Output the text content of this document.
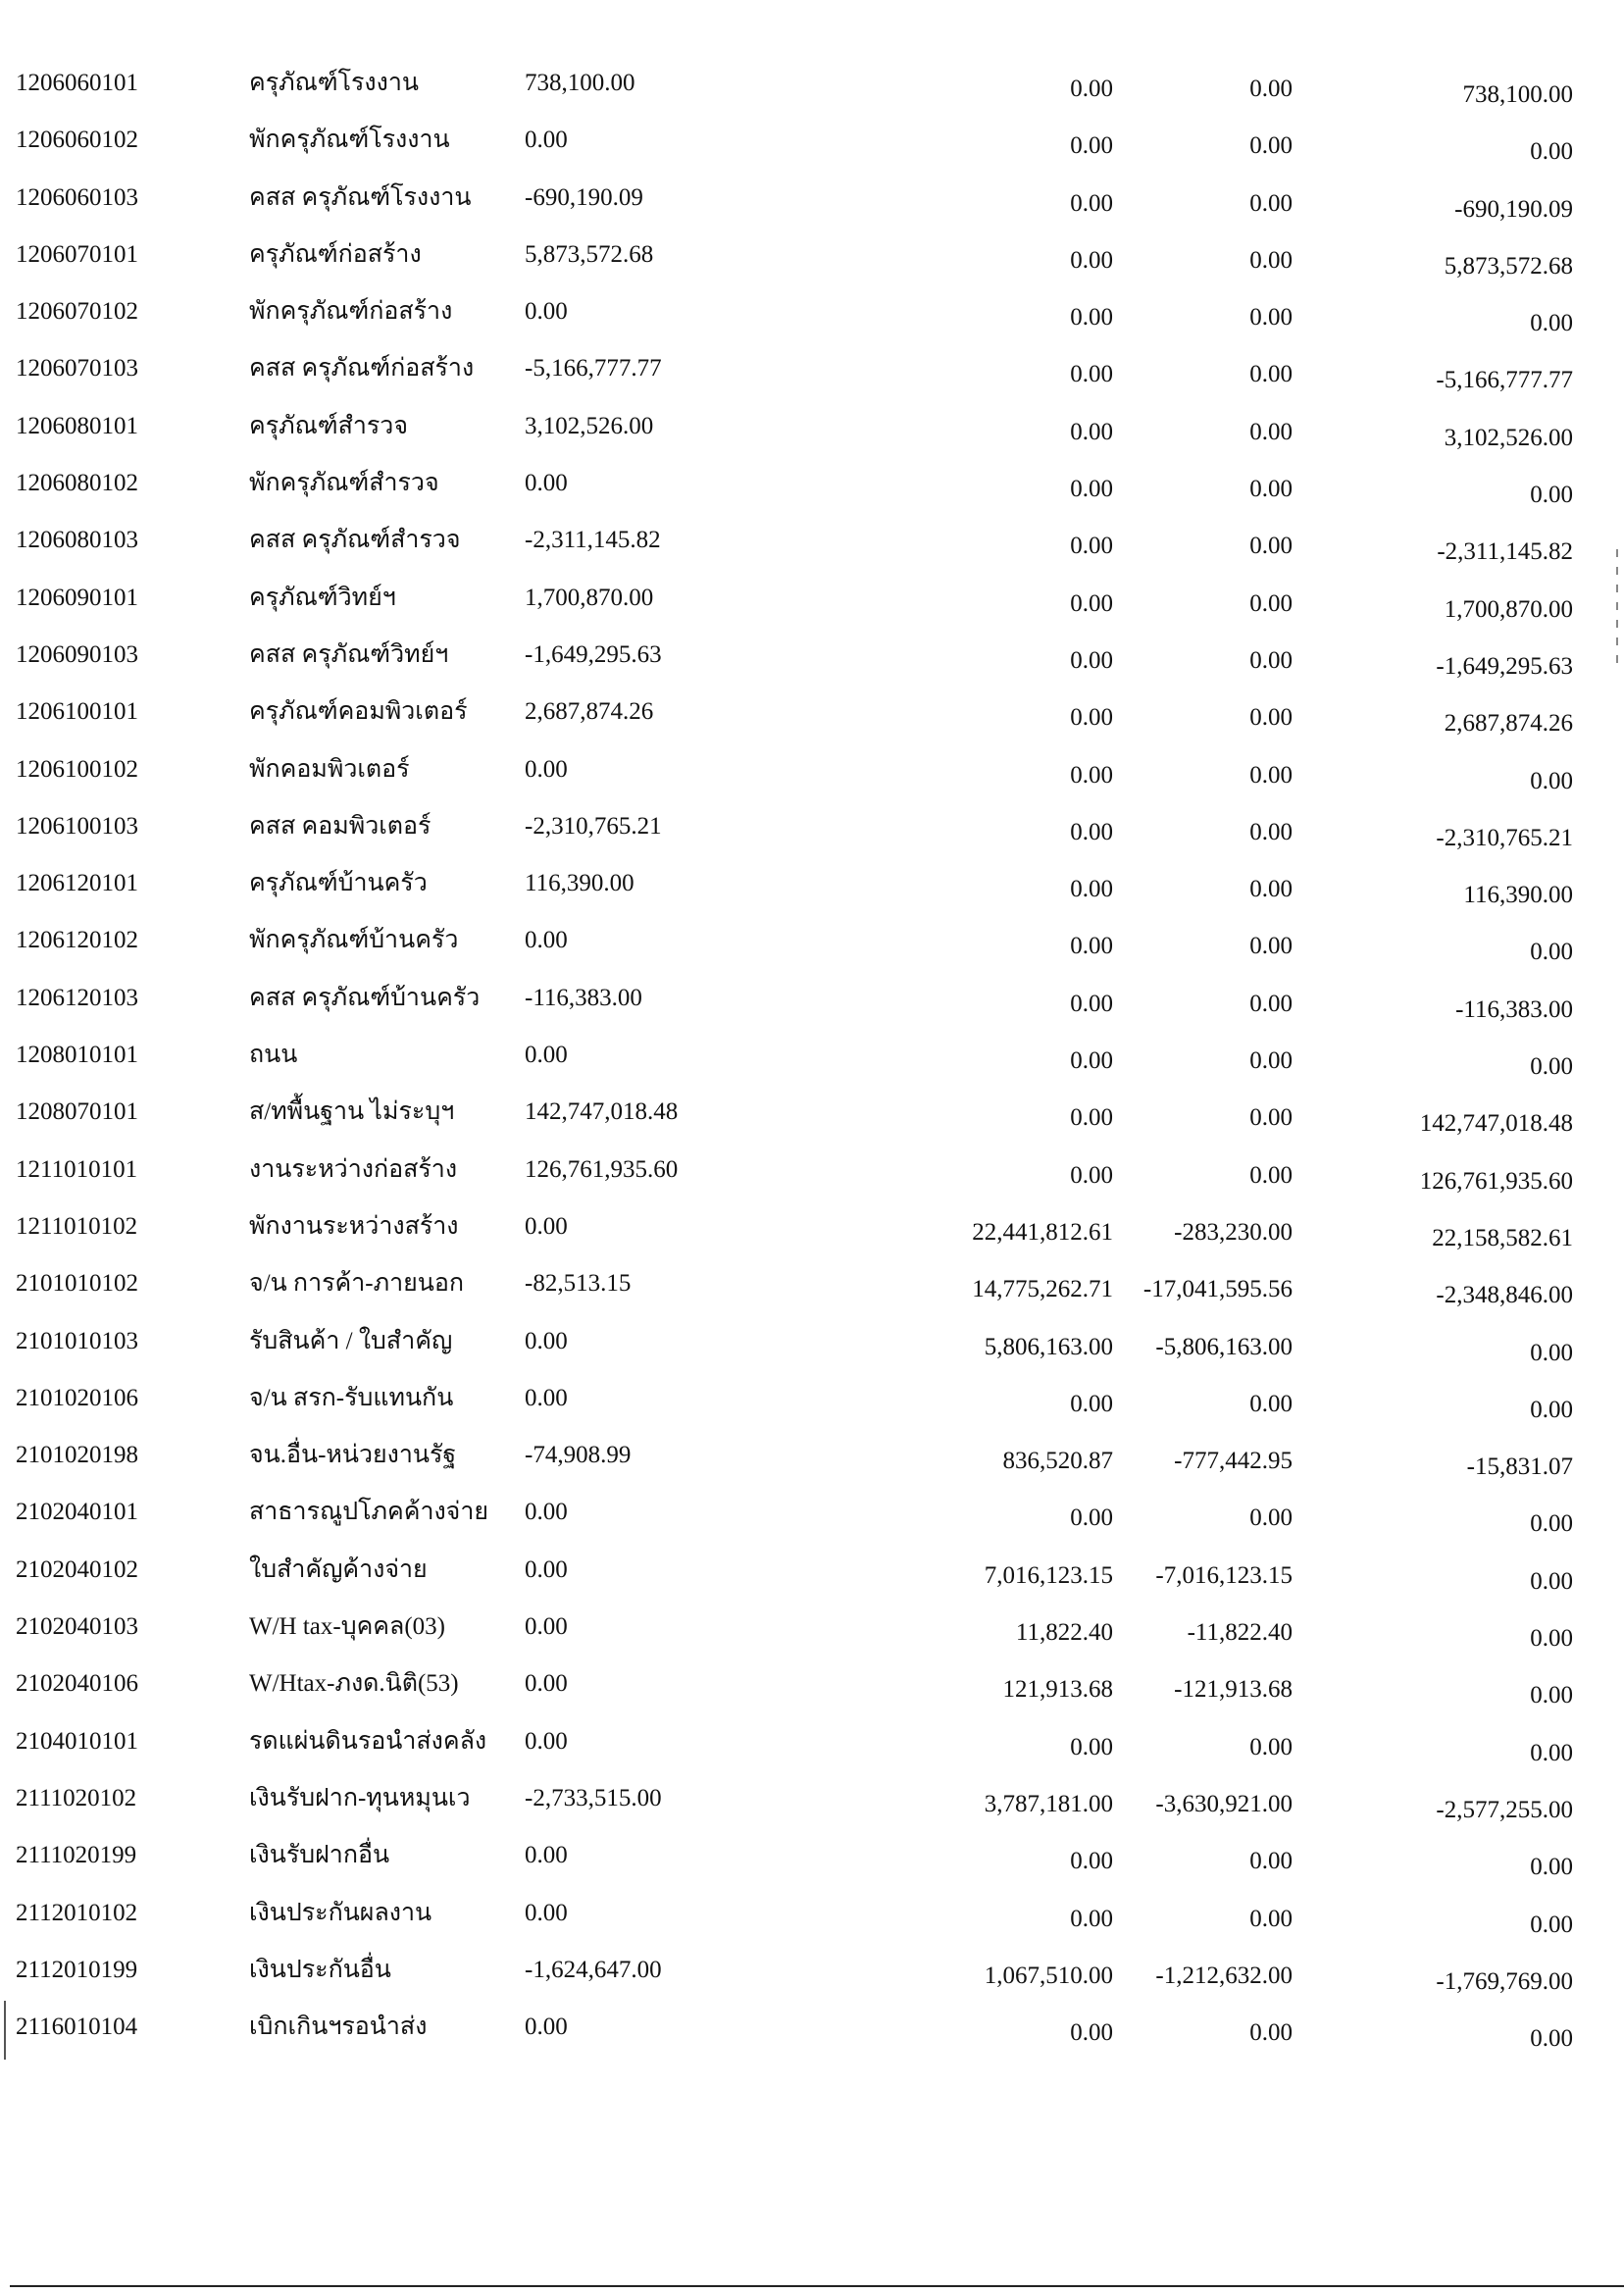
1206060101	ครุภัณฑ์โรงงาน	738,100.00	0.00	0.00	738,100.00
1206060102	พักครุภัณฑ์โรงงาน	0.00	0.00	0.00	0.00
1206060103	คสส ครุภัณฑ์โรงงาน -690,190.09	0.00	0.00	-690,190.09
1206070101	ครุภัณฑ์ก่อสร้าง	5,873,572.68	0.00	0.00	5,873,572.68
1206070102	พักครุภัณฑ์ก่อสร้าง	0.00	0.00	0.00	0.00
1206070103	คสส ครุภัณฑ์ก่อสร้าง -5,166,777.77	0.00	0.00	-5,166,777.77
1206080101	ครุภัณฑ์สำรวจ	3,102,526.00	0.00	0.00	3,102,526.00
1206080102	พักครุภัณฑ์สำรวจ	0.00	0.00	0.00	0.00
1206080103	คสส ครุภัณฑ์สำรวจ	-2,311,145.82	0.00	0.00	-2,311,145.82
1206090101	ครุภัณฑ์วิทย์ฯ	1,700,870.00	0.00	0.00	1,700,870.00
1206090103	คสส ครุภัณฑ์วิทย์ฯ	-1,649,295.63	0.00	0.00	-1,649,295.63
1206100101	ครุภัณฑ์คอมพิวเตอร์ 2,687,874.26	0.00	0.00	2,687,874.26
1206100102	พักคอมพิวเตอร์	0.00	0.00	0.00	0.00
1206100103	คสส คอมพิวเตอร์	-2,310,765.21	0.00	0.00	-2,310,765.21
1206120101	ครุภัณฑ์บ้านครัว	116,390.00	0.00	0.00	116,390.00
1206120102	พักครุภัณฑ์บ้านครัว	0.00	0.00	0.00	0.00
1206120103	คสส ครุภัณฑ์บ้านครัว -116,383.00	0.00	0.00	-116,383.00
1208010101	ถนน	0.00	0.00	0.00	0.00
1208070101	ส/ทพื้นฐาน ไม่ระบุฯ	142,747,018.48	0.00	0.00	142,747,018.48
1211010101	งานระหว่างก่อสร้าง	126,761,935.60	0.00	0.00	126,761,935.60
1211010102	พักงานระหว่างสร้าง	0.00	22,441,812.61 -283,230.00	22,158,582.61
2101010102	จ/น การค้า-ภายนอก -82,513.15	14,775,262.71 -17,041,595.56	-2,348,846.00
2101010103	รับสินค้า / ใบสำคัญ	0.00	5,806,163.00 -5,806,163.00	0.00
2101020106	จ/น สรก-รับแทนกัน	0.00	0.00	0.00	0.00
2101020198	จน.อื่น-หน่วยงานรัฐ	-74,908.99	836,520.87 -777,442.95	-15,831.07
2102040101	สาธารณูปโภคค้างจ่าย 0.00	0.00	0.00	0.00
2102040102	ใบสำคัญค้างจ่าย	0.00	7,016,123.15 -7,016,123.15	0.00
2102040103	W/H tax-บุคคล(03)	0.00	11,822.40	-11,822.40	0.00
2102040106	W/Htax-ภงด.นิติ(53)	0.00	121,913.68 -121,913.68	0.00
2104010101	รดแผ่นดินรอนำส่งคลัง 0.00	0.00	0.00	0.00
2111020102	เงินรับฝาก-ทุนหมุนเว -2,733,515.00	3,787,181.00 -3,630,921.00	-2,577,255.00
2111020199	เงินรับฝากอื่น	0.00	0.00	0.00	0.00
2112010102	เงินประกันผลงาน	0.00	0.00	0.00	0.00
2112010199	เงินประกันอื่น	-1,624,647.00	1,067,510.00 -1,212,632.00	-1,769,769.00
2116010104	เบิกเกินฯรอนำส่ง	0.00	0.00	0.00	0.00
